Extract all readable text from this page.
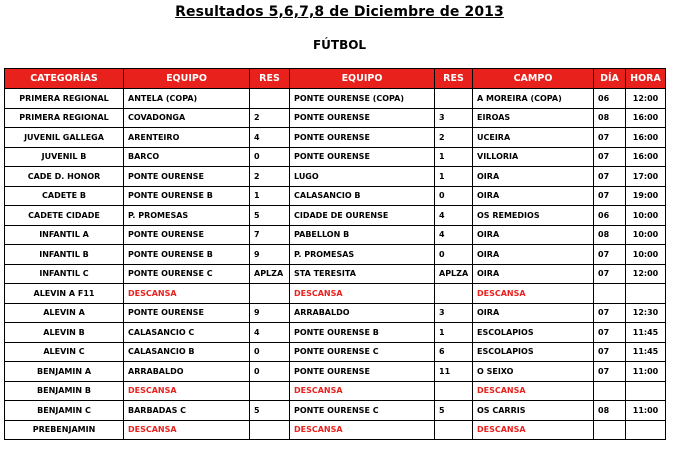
Resultados 5,6,7,8 de Diciembre de 2013
FÚTBOL
CATEGORÍAS	EQUIPO	RES	EQUIPO	RES	CAMPO	DÍA	HORA
PRIMERA REGIONAL	ANTELA (COPA)		PONTE OURENSE (COPA)		A MOREIRA (COPA)	06	12:00
PRIMERA REGIONAL	COVADONGA	2	PONTE OURENSE	3	EIROAS	08	16:00
JUVENIL GALLEGA	ARENTEIRO	4	PONTE OURENSE	2	UCEIRA	07	16:00
JUVENIL B	BARCO	0	PONTE OURENSE	1	VILLORIA	07	16:00
CADE D. HONOR	PONTE OURENSE	2	LUGO	1	OIRA	07	17:00
CADETE B	PONTE OURENSE B	1	CALASANCIO B	0	OIRA	07	19:00
CADETE CIDADE	P. PROMESAS	5	CIDADE DE OURENSE	4	OS REMEDIOS	06	10:00
INFANTIL A	PONTE OURENSE	7	PABELLON B	4	OIRA	08	10:00
INFANTIL B	PONTE OURENSE B	9	P. PROMESAS	0	OIRA	07	10:00
INFANTIL C	PONTE OURENSE C	APLZA	STA TERESITA	APLZA	OIRA	07	12:00
ALEVIN A F11	DESCANSA		DESCANSA		DESCANSA		
ALEVIN A	PONTE OURENSE	9	ARRABALDO	3	OIRA	07	12:30
ALEVIN B	CALASANCIO C	4	PONTE OURENSE B	1	ESCOLAPIOS	07	11:45
ALEVIN C	CALASANCIO B	0	PONTE OURENSE C	6	ESCOLAPIOS	07	11:45
BENJAMIN A	ARRABALDO	0	PONTE OURENSE	11	O SEIXO	07	11:00
BENJAMIN B	DESCANSA		DESCANSA		DESCANSA		
BENJAMIN C	BARBADAS C	5	PONTE OURENSE C	5	OS CARRIS	08	11:00
PREBENJAMIN	DESCANSA		DESCANSA		DESCANSA		
